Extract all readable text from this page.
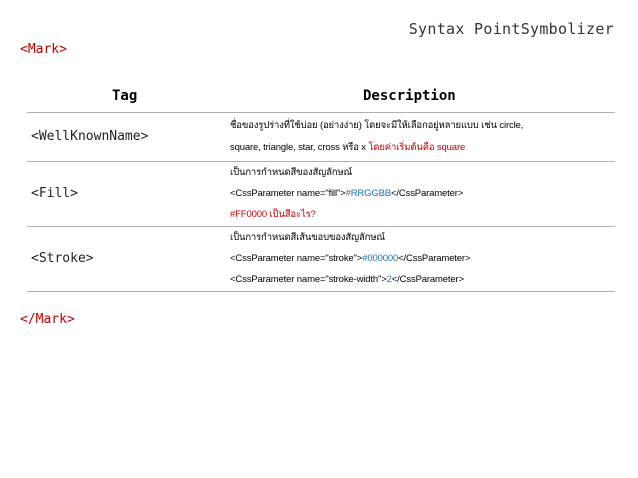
Syntax PointSymbolizer
<Mark>
Tag	Description
<WellKnownName>
ชื่อของรูปร่างที่ใช้บ่อย (อย่างง่าย) โดยจะมีให้เลือกอยู่หลายแบบ เช่น circle,
square, triangle, star, cross หรือ x โดยค่าเริ่มต้นคือ square
<Fill>
เป็นการกำหนดสีของสัญลักษณ์
<CssParameter name="fill">#RRGGBB</CssParameter>
#FF0000 เป็นสีอะไร?
<Stroke>
เป็นการกำหนดสีเส้นขอบของสัญลักษณ์
<CssParameter name="stroke">#000000</CssParameter>
<CssParameter name="stroke-width">2</CssParameter>
</Mark>
